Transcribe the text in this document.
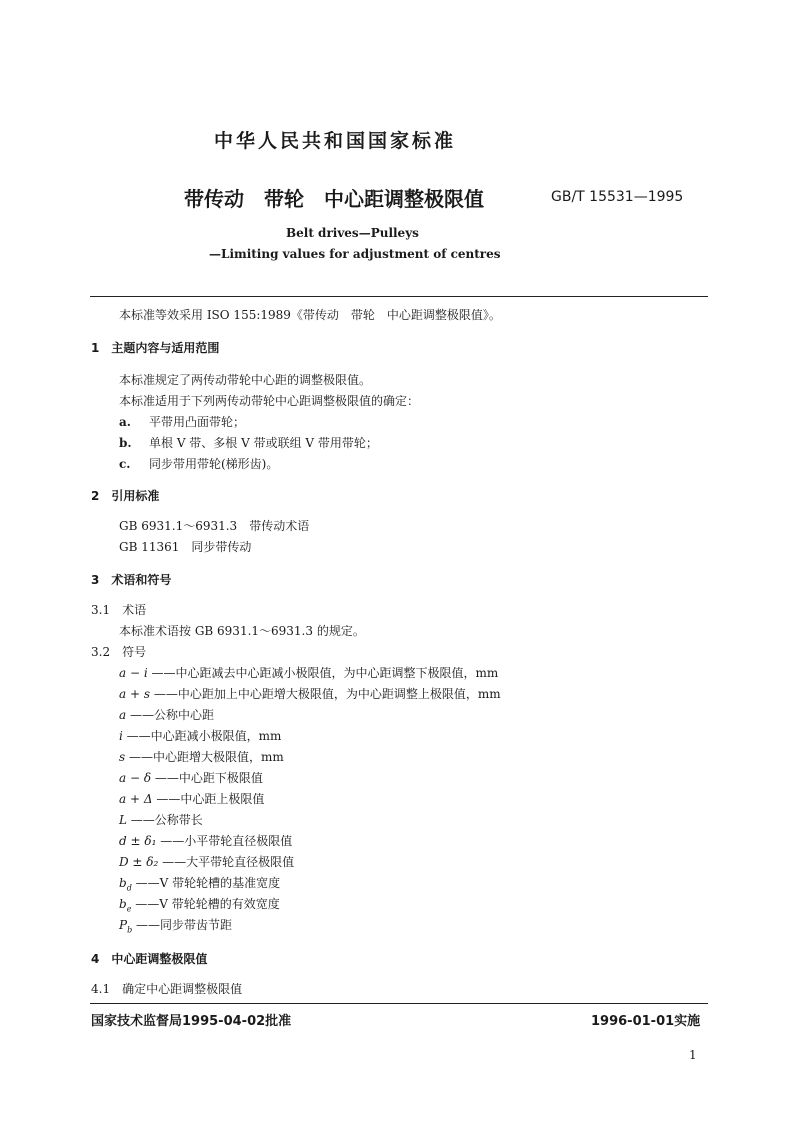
中华人民共和国国家标准
带传动　带轮　中心距调整极限值	GB/T 15531—1995
Belt drives—Pulleys
—Limiting values for adjustment of centres
本标准等效采用 ISO 155:1989《带传动　带轮　中心距调整极限值》。
1　主题内容与适用范围
本标准规定了两传动带轮中心距的调整极限值。
本标准适用于下列两传动带轮中心距调整极限值的确定：
a. 平带用凸面带轮；
b. 单根 V 带、多根 V 带或联组 V 带用带轮；
c. 同步带用带轮(梯形齿)。
2　引用标准
GB 6931.1～6931.3　带传动术语
GB 11361　同步带传动
3　术语和符号
3.1　术语
本标准术语按 GB 6931.1～6931.3 的规定。
3.2　符号
a − i ——中心距减去中心距减小极限值，为中心距调整下极限值，mm
a + s ——中心距加上中心距增大极限值，为中心距调整上极限值，mm
a ——公称中心距
i ——中心距减小极限值，mm
s ——中心距增大极限值，mm
a − δ ——中心距下极限值
a + Δ ——中心距上极限值
L ——公称带长
d ± δ₁ ——小平带轮直径极限值
D ± δ₂ ——大平带轮直径极限值
$b_d$ ——V 带轮轮槽的基准宽度
$b_e$ ——V 带轮轮槽的有效宽度
$P_b$ ——同步带齿节距
4　中心距调整极限值
4.1　确定中心距调整极限值
国家技术监督局1995-04-02批准	1996-01-01实施
1
